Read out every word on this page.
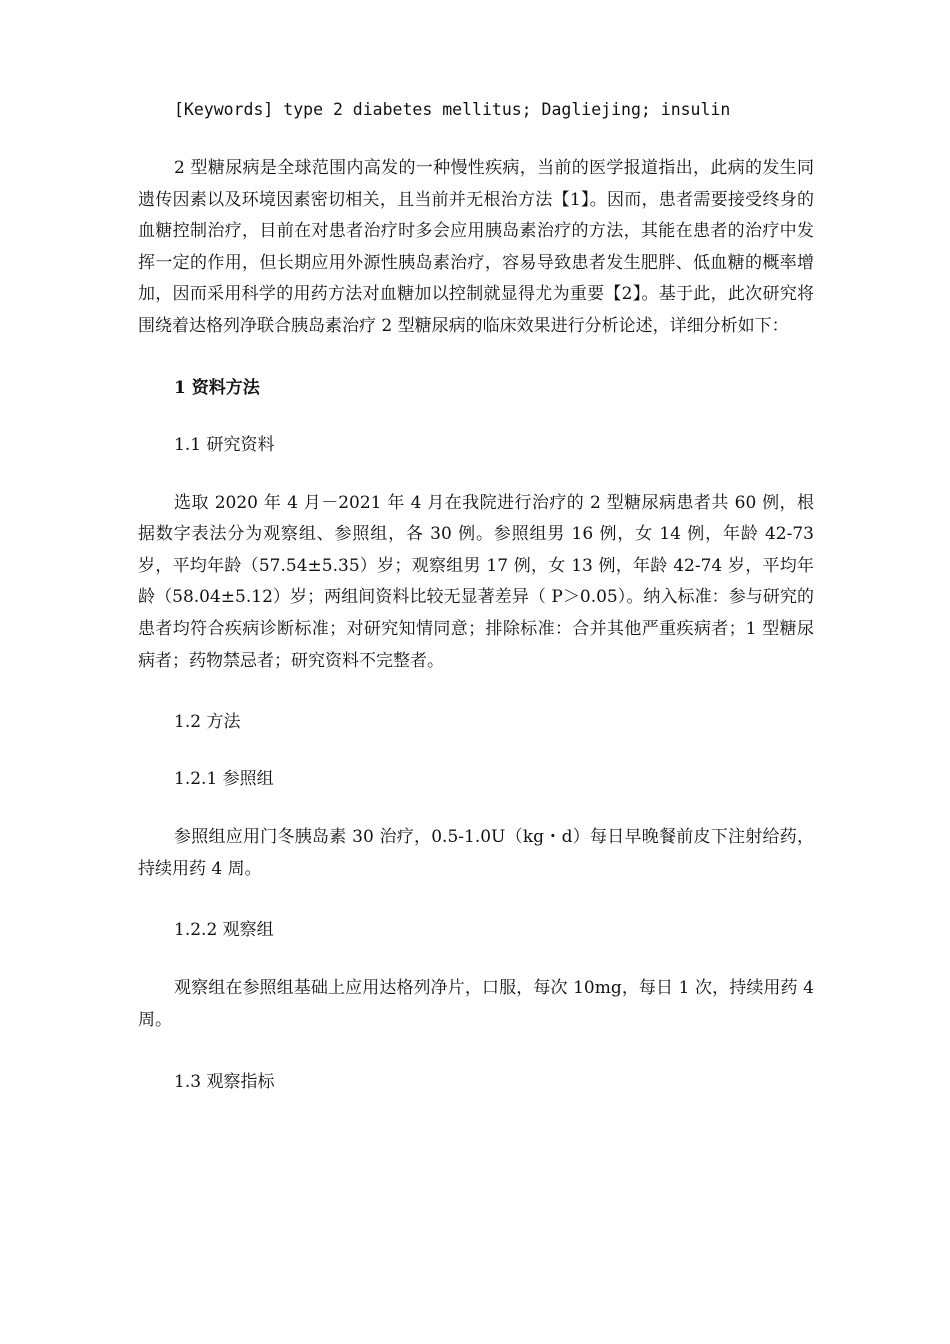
[Keywords] type 2 diabetes mellitus; Dagliejing; insulin

2 型糖尿病是全球范围内高发的一种慢性疾病，当前的医学报道指出，此病的发生同遗传因素以及环境因素密切相关，且当前并无根治方法【1】。因而，患者需要接受终身的血糖控制治疗，目前在对患者治疗时多会应用胰岛素治疗的方法，其能在患者的治疗中发挥一定的作用，但长期应用外源性胰岛素治疗，容易导致患者发生肥胖、低血糖的概率增加，因而采用科学的用药方法对血糖加以控制就显得尤为重要【2】。基于此，此次研究将围绕着达格列净联合胰岛素治疗 2 型糖尿病的临床效果进行分析论述，详细分析如下：

1 资料方法

1.1 研究资料

选取 2020 年 4 月－2021 年 4 月在我院进行治疗的 2 型糖尿病患者共 60 例，根据数字表法分为观察组、参照组，各 30 例。参照组男 16 例，女 14 例，年龄 42-73 岁，平均年龄（57.54±5.35）岁；观察组男 17 例，女 13 例，年龄 42-74 岁，平均年龄（58.04±5.12）岁；两组间资料比较无显著差异（ P＞0.05）。纳入标准：参与研究的患者均符合疾病诊断标准；对研究知情同意；排除标准：合并其他严重疾病者；1 型糖尿病者；药物禁忌者；研究资料不完整者。

1.2 方法

1.2.1 参照组

参照组应用门冬胰岛素 30 治疗，0.5-1.0U（kg・d）每日早晚餐前皮下注射给药，持续用药 4 周。

1.2.2 观察组

观察组在参照组基础上应用达格列净片，口服，每次 10mg，每日 1 次，持续用药 4 周。

1.3 观察指标
